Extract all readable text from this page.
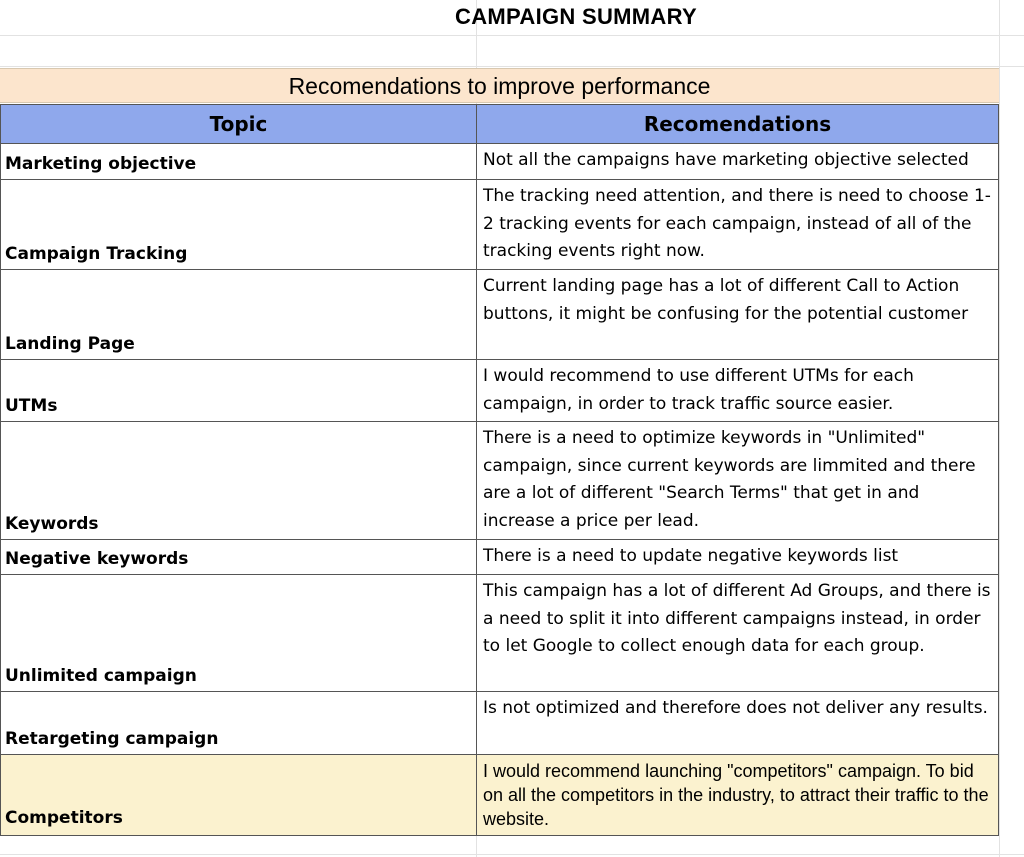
CAMPAIGN SUMMARY
Recomendations to improve performance
Topic	Recomendations
Marketing objective	Not all the campaigns have marketing objective selected
Campaign Tracking	The tracking need attention, and there is need to choose 1-2 tracking events for each campaign, instead of all of the tracking events right now.
Landing Page	Current landing page has a lot of different Call to Action buttons, it might be confusing for the potential customer
UTMs	I would recommend to use different UTMs for each campaign, in order to track traffic source easier.
Keywords	There is a need to optimize keywords in "Unlimited" campaign, since current keywords are limmited and there are a lot of different "Search Terms" that get in and increase a price per lead.
Negative keywords	There is a need to update negative keywords list
Unlimited campaign	This campaign has a lot of different Ad Groups, and there is a need to split it into different campaigns instead, in order to let Google to collect enough data for each group.
Retargeting campaign	Is not optimized and therefore does not deliver any results.
Competitors	I would recommend launching "competitors" campaign. To bid on all the competitors in the industry, to attract their traffic to the website.
